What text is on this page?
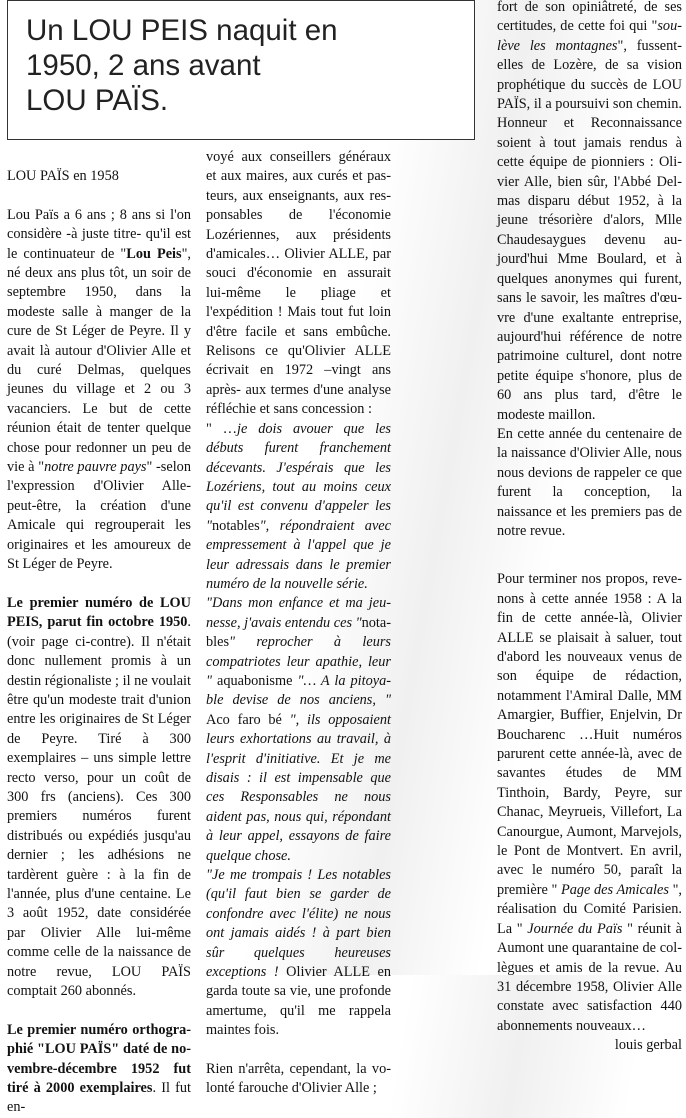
Un LOU PEIS naquit en
1950, 2 ans avant
LOU PAÏS.

LOU PAÏS en 1958

Lou Païs a 6 ans ; 8 ans si l'on considère -à juste titre- qu'il est le continuateur de "Lou Peis", né deux ans plus tôt, un soir de septembre 1950, dans la modeste salle à manger de la cure de St Léger de Peyre. Il y avait là autour d'Olivier Alle et du curé Delmas, quelques jeunes du village et 2 ou 3 vacanciers. Le but de cette réunion était de tenter quelque chose pour redonner un peu de vie à "notre pauvre pays" -selon l'expression d'Olivier Alle- peut-être, la création d'une Amicale qui regrouperait les originaires et les amoureux de St Léger de Peyre.

Le premier numéro de LOU PEIS, parut fin octobre 1950. (voir page ci-contre). Il n'était donc nullement promis à un destin régionaliste ; il ne voulait être qu'un modeste trait d'union entre les originaires de St Léger de Peyre. Tiré à 300 exemplaires – uns simple lettre recto verso, pour un coût de 300 frs (anciens). Ces 300 premiers numéros furent distribués ou expédiés jusqu'au dernier ; les adhésions ne tardèrent guère : à la fin de l'année, plus d'une centaine. Le 3 août 1952, date considérée par Olivier Alle lui-même comme celle de la naissance de notre revue, LOU PAÏS comptait 260 abonnés.

Le premier numéro orthographié "LOU PAÏS" daté de novembre-décembre 1952 fut tiré à 2000 exemplaires. Il fut en-

voyé aux conseillers généraux et aux maires, aux curés et pasteurs, aux enseignants, aux responsables de l'économie Lozériennes, aux présidents d'amicales… Olivier ALLE, par souci d'économie en assurait lui-même le pliage et l'expédition ! Mais tout fut loin d'être facile et sans embûche. Relisons ce qu'Olivier ALLE écrivait en 1972 –vingt ans après- aux termes d'une analyse réfléchie et sans concession :

" …je dois avouer que les débuts furent franchement décevants. J'espérais que les Lozériens, tout au moins ceux qu'il est convenu d'appeler les "notables", répondraient avec empressement à l'appel que je leur adressais dans le premier numéro de la nouvelle série.

"Dans mon enfance et ma jeunesse, j'avais entendu ces "notables" reprocher à leurs compatriotes leur apathie, leur " aquabonisme "… A la pitoyable devise de nos anciens, " Aco faro bé ", ils opposaient leurs exhortations au travail, à l'esprit d'initiative. Et je me disais : il est impensable que ces Responsables ne nous aident pas, nous qui, répondant à leur appel, essayons de faire quelque chose.

"Je me trompais ! Les notables (qu'il faut bien se garder de confondre avec l'élite) ne nous ont jamais aidés ! à part bien sûr quelques heureuses exceptions ! Olivier ALLE en garda toute sa vie, une profonde amertume, qu'il me rappela maintes fois.

Rien n'arrêta, cependant, la volonté farouche d'Olivier Alle ;

fort de son opiniâtreté, de ses certitudes, de cette foi qui "soulève les montagnes", fussent-elles de Lozère, de sa vision prophétique du succès de LOU PAÏS, il a poursuivi son chemin. Honneur et Reconnaissance soient à tout jamais rendus à cette équipe de pionniers : Olivier Alle, bien sûr, l'Abbé Delmas disparu début 1952, à la jeune trésorière d'alors, Mlle Chaudesaygues devenu aujourd'hui Mme Boulard, et à quelques anonymes qui furent, sans le savoir, les maîtres d'œuvre d'une exaltante entreprise, aujourd'hui référence de notre patrimoine culturel, dont notre petite équipe s'honore, plus de 60 ans plus tard, d'être le modeste maillon.

En cette année du centenaire de la naissance d'Olivier Alle, nous nous devions de rappeler ce que furent la conception, la naissance et les premiers pas de notre revue.

Pour terminer nos propos, revenons à cette année 1958 : A la fin de cette année-là, Olivier ALLE se plaisait à saluer, tout d'abord les nouveaux venus de son équipe de rédaction, notamment l'Amiral Dalle, MM Amargier, Buffier, Enjelvin, Dr Boucharenc …Huit numéros parurent cette année-là, avec de savantes études de MM Tinthoin, Bardy, Peyre, sur Chanac, Meyrueis, Villefort, La Canourgue, Aumont, Marvejols, le Pont de Montvert. En avril, avec le numéro 50, paraît la première " Page des Amicales ", réalisation du Comité Parisien. La " Journée du Païs " réunit à Aumont une quarantaine de collègues et amis de la revue. Au 31 décembre 1958, Olivier Alle constate avec satisfaction 440 abonnements nouveaux…

louis gerbal
